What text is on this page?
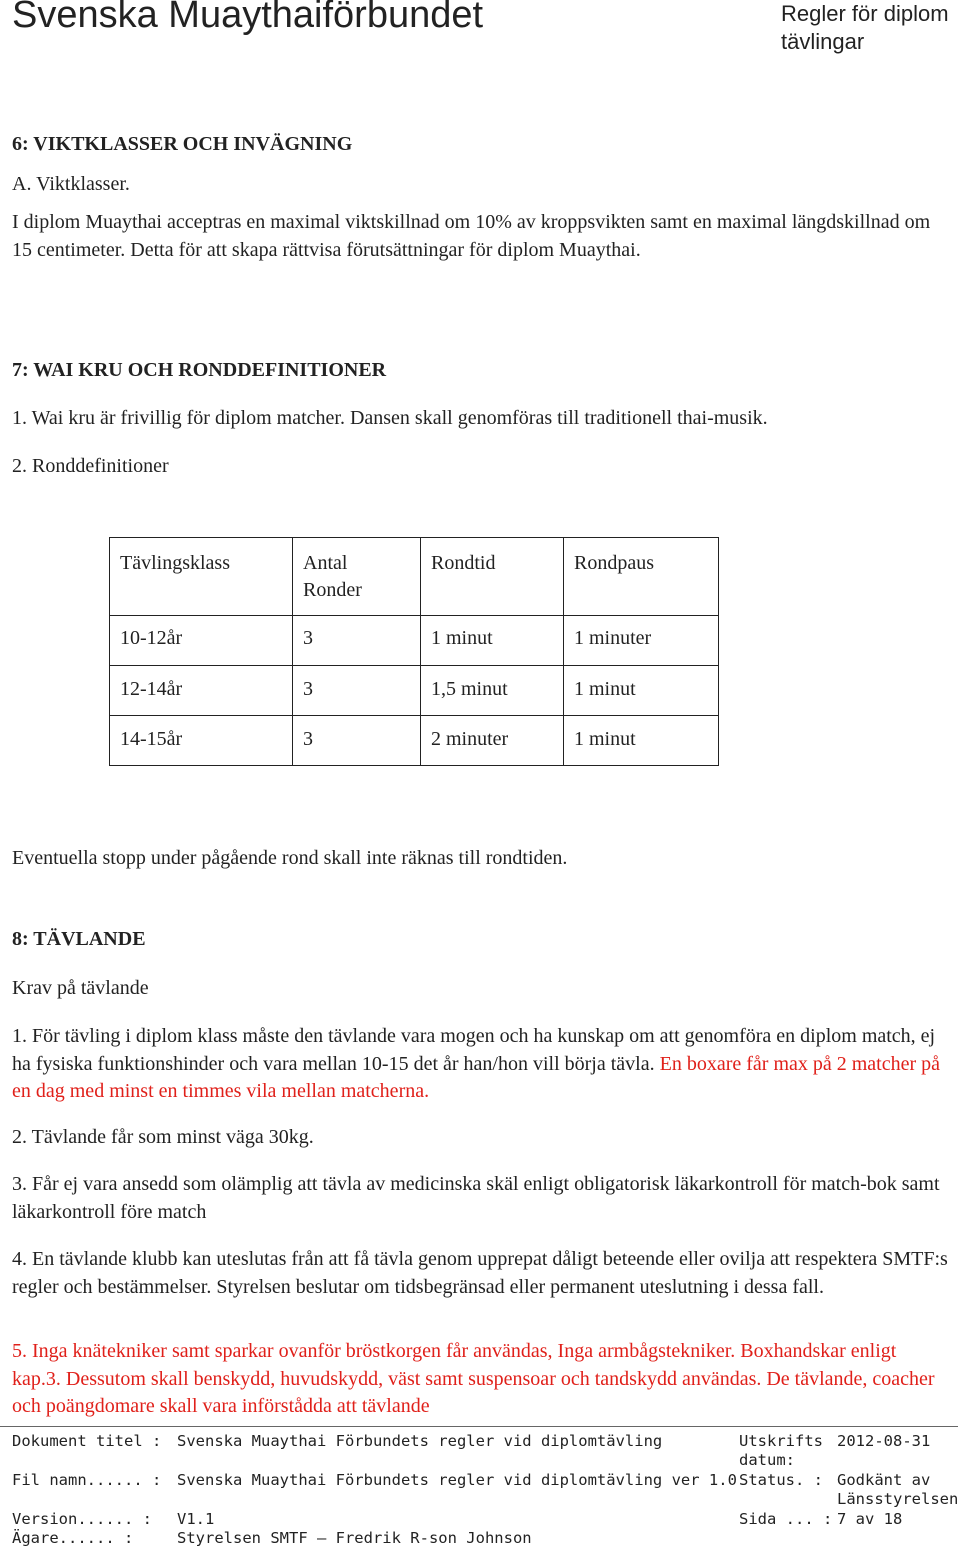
Svenska Muaythaiförbundet	Regler för diplom tävlingar
6: VIKTKLASSER OCH INVÄGNING
A. Viktklasser.
I diplom Muaythai acceptras en maximal viktskillnad om 10% av kroppsvikten samt en maximal längdskillnad om 15 centimeter. Detta för att skapa rättvisa förutsättningar för diplom Muaythai.
7: WAI KRU OCH RONDDEFINITIONER
1. Wai kru är frivillig för diplom matcher. Dansen skall genomföras till traditionell thai-musik.
2. Ronddefinitioner
Tävlingsklass	Antal Ronder	Rondtid	Rondpaus
10-12år	3	1 minut	1 minuter
12-14år	3	1,5 minut	1 minut
14-15år	3	2 minuter	1 minut
Eventuella stopp under pågående rond skall inte räknas till rondtiden.
8: TÄVLANDE
Krav på tävlande
1. För tävling i diplom klass måste den tävlande vara mogen och ha kunskap om att genomföra en diplom match, ej ha fysiska funktionshinder och vara mellan 10-15 det år han/hon vill börja tävla. En boxare får max på 2 matcher på en dag med minst en timmes vila mellan matcherna.
2. Tävlande får som minst väga 30kg.
3. Får ej vara ansedd som olämplig att tävla av medicinska skäl enligt obligatorisk läkarkontroll för match-bok samt läkarkontroll före match
4. En tävlande klubb kan uteslutas från att få tävla genom upprepat dåligt beteende eller ovilja att respektera SMTF:s regler och bestämmelser. Styrelsen beslutar om tidsbegränsad eller permanent uteslutning i dessa fall.
5. Inga knätekniker samt sparkar ovanför bröstkorgen får användas, Inga armbågstekniker. Boxhandskar enligt kap.3. Dessutom skall benskydd, huvudskydd, väst samt suspensoar och tandskydd användas. De tävlande, coacher och poängdomare skall vara införstådda att tävlande
Dokument titel : Svenska Muaythai Förbundets regler vid diplomtävling	Utskrifts datum:
2012-08-31
Fil namn...... : Svenska Muaythai Förbundets regler vid diplomtävling ver 1.0 Status. : Godkänt av Länsstyrelsen
Version...... : V1.1	Sida ... : 7 av 18
Ägare...... :	Styrelsen SMTF – Fredrik R-son Johnson
